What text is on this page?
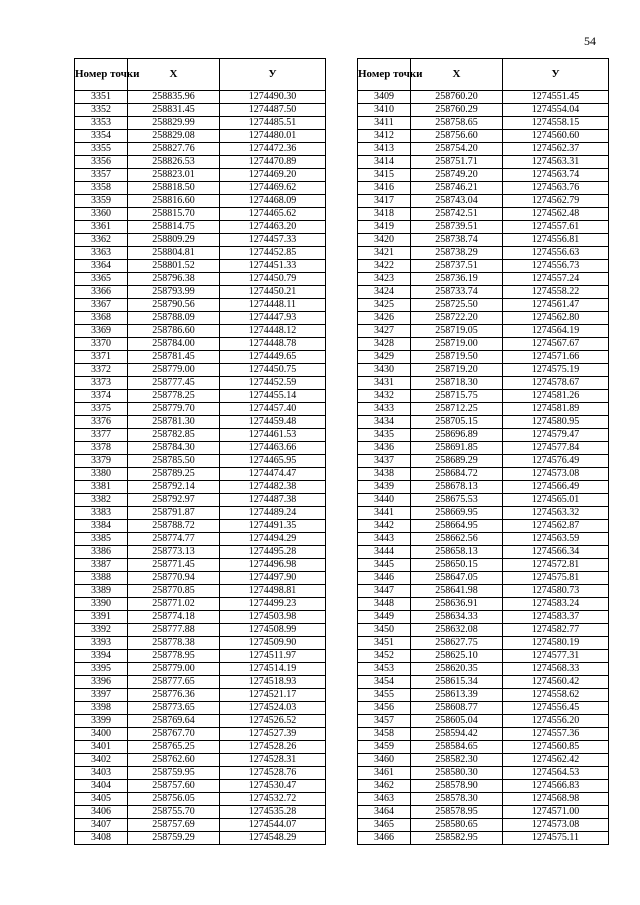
54
Номер точки	X	У
3351	258835.96	1274490.30
3352	258831.45	1274487.50
3353	258829.99	1274485.51
3354	258829.08	1274480.01
3355	258827.76	1274472.36
3356	258826.53	1274470.89
3357	258823.01	1274469.20
3358	258818.50	1274469.62
3359	258816.60	1274468.09
3360	258815.70	1274465.62
3361	258814.75	1274463.20
3362	258809.29	1274457.33
3363	258804.81	1274452.85
3364	258801.52	1274451.33
3365	258796.38	1274450.79
3366	258793.99	1274450.21
3367	258790.56	1274448.11
3368	258788.09	1274447.93
3369	258786.60	1274448.12
3370	258784.00	1274448.78
3371	258781.45	1274449.65
3372	258779.00	1274450.75
3373	258777.45	1274452.59
3374	258778.25	1274455.14
3375	258779.70	1274457.40
3376	258781.30	1274459.48
3377	258782.85	1274461.53
3378	258784.30	1274463.66
3379	258785.50	1274465.95
3380	258789.25	1274474.47
3381	258792.14	1274482.38
3382	258792.97	1274487.38
3383	258791.87	1274489.24
3384	258788.72	1274491.35
3385	258774.77	1274494.29
3386	258773.13	1274495.28
3387	258771.45	1274496.98
3388	258770.94	1274497.90
3389	258770.85	1274498.81
3390	258771.02	1274499.23
3391	258774.18	1274503.98
3392	258777.88	1274508.99
3393	258778.38	1274509.90
3394	258778.95	1274511.97
3395	258779.00	1274514.19
3396	258777.65	1274518.93
3397	258776.36	1274521.17
3398	258773.65	1274524.03
3399	258769.64	1274526.52
3400	258767.70	1274527.39
3401	258765.25	1274528.26
3402	258762.60	1274528.31
3403	258759.95	1274528.76
3404	258757.60	1274530.47
3405	258756.05	1274532.72
3406	258755.70	1274535.28
3407	258757.69	1274544.07
3408	258759.29	1274548.29
Номер точки	X	У
3409	258760.20	1274551.45
3410	258760.29	1274554.04
3411	258758.65	1274558.15
3412	258756.60	1274560.60
3413	258754.20	1274562.37
3414	258751.71	1274563.31
3415	258749.20	1274563.74
3416	258746.21	1274563.76
3417	258743.04	1274562.79
3418	258742.51	1274562.48
3419	258739.51	1274557.61
3420	258738.74	1274556.81
3421	258738.29	1274556.63
3422	258737.51	1274556.73
3423	258736.19	1274557.24
3424	258733.74	1274558.22
3425	258725.50	1274561.47
3426	258722.20	1274562.80
3427	258719.05	1274564.19
3428	258719.00	1274567.67
3429	258719.50	1274571.66
3430	258719.20	1274575.19
3431	258718.30	1274578.67
3432	258715.75	1274581.26
3433	258712.25	1274581.89
3434	258705.15	1274580.95
3435	258696.89	1274579.47
3436	258691.85	1274577.84
3437	258689.29	1274576.49
3438	258684.72	1274573.08
3439	258678.13	1274566.49
3440	258675.53	1274565.01
3441	258669.95	1274563.32
3442	258664.95	1274562.87
3443	258662.56	1274563.59
3444	258658.13	1274566.34
3445	258650.15	1274572.81
3446	258647.05	1274575.81
3447	258641.98	1274580.73
3448	258636.91	1274583.24
3449	258634.33	1274583.37
3450	258632.08	1274582.77
3451	258627.75	1274580.19
3452	258625.10	1274577.31
3453	258620.35	1274568.33
3454	258615.34	1274560.42
3455	258613.39	1274558.62
3456	258608.77	1274556.45
3457	258605.04	1274556.20
3458	258594.42	1274557.36
3459	258584.65	1274560.85
3460	258582.30	1274562.42
3461	258580.30	1274564.53
3462	258578.90	1274566.83
3463	258578.30	1274568.98
3464	258578.95	1274571.00
3465	258580.65	1274573.08
3466	258582.95	1274575.11
